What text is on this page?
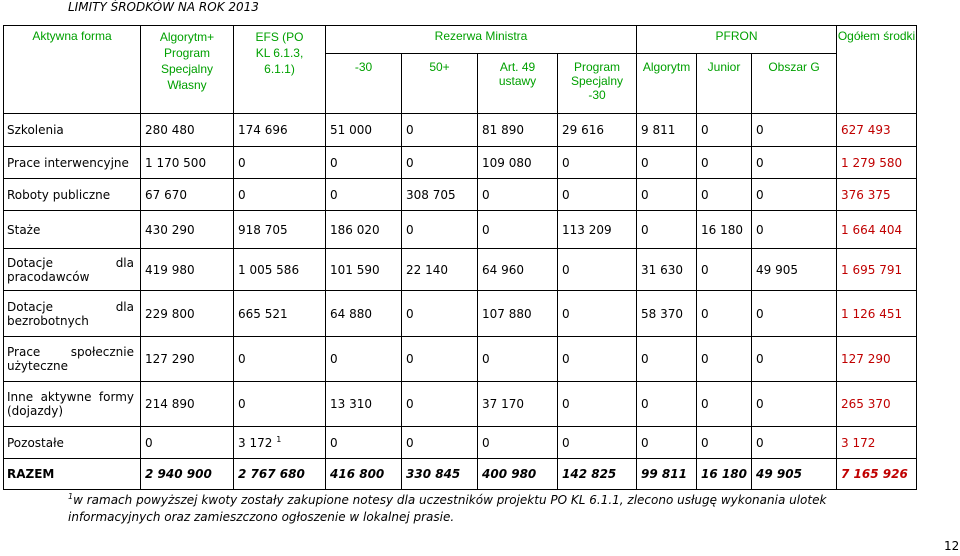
LIMITY ŚRODKÓW NA ROK 2013
Aktywna forma	Algorytm+ Program Specjalny Własny	EFS (PO KL 6.1.3, 6.1.1)	Rezerwa Ministra				PFRON			Ogółem środki

			-30	50+	Art. 49 ustawy	Program Specjalny -30	Algorytm	Junior	Obszar G	

Szkolenia	280 480	174 696	51 000	0	81 890	29 616	9 811	0	0	627 493

Prace interwencyjne	1 170 500	0	0	0	109 080	0	0	0	0	1 279 580

Roboty publiczne	67 670	0	0	308 705	0	0	0	0	0	376 375

Staże	430 290	918 705	186 020	0	0	113 209	0	16 180	0	1 664 404

Dotacje dla
pracodawców	419 980	1 005 586	101 590	22 140	64 960	0	31 630	0	49 905	1 695 791

Dotacje dla
bezrobotnych	229 800	665 521	64 880	0	107 880	0	58 370	0	0	1 126 451

Prace społecznie
użyteczne	127 290	0	0	0	0	0	0	0	0	127 290

Inne aktywne formy
(dojazdy)	214 890	0	13 310	0	37 170	0	0	0	0	265 370

Pozostałe	0	3 172 $^1$	0	0	0	0	0	0	0	3 172
RAZEM	2 940 900	2 767 680	416 800	330 845	400 980	142 825	99 811	16 180	49 905	7 165 926
$^1$w ramach powyższej kwoty zostały zakupione notesy dla uczestników projektu PO KL 6.1.1, zlecono usługę wykonania ulotek informacyjnych oraz zamieszczono ogłoszenie w lokalnej prasie.
12
